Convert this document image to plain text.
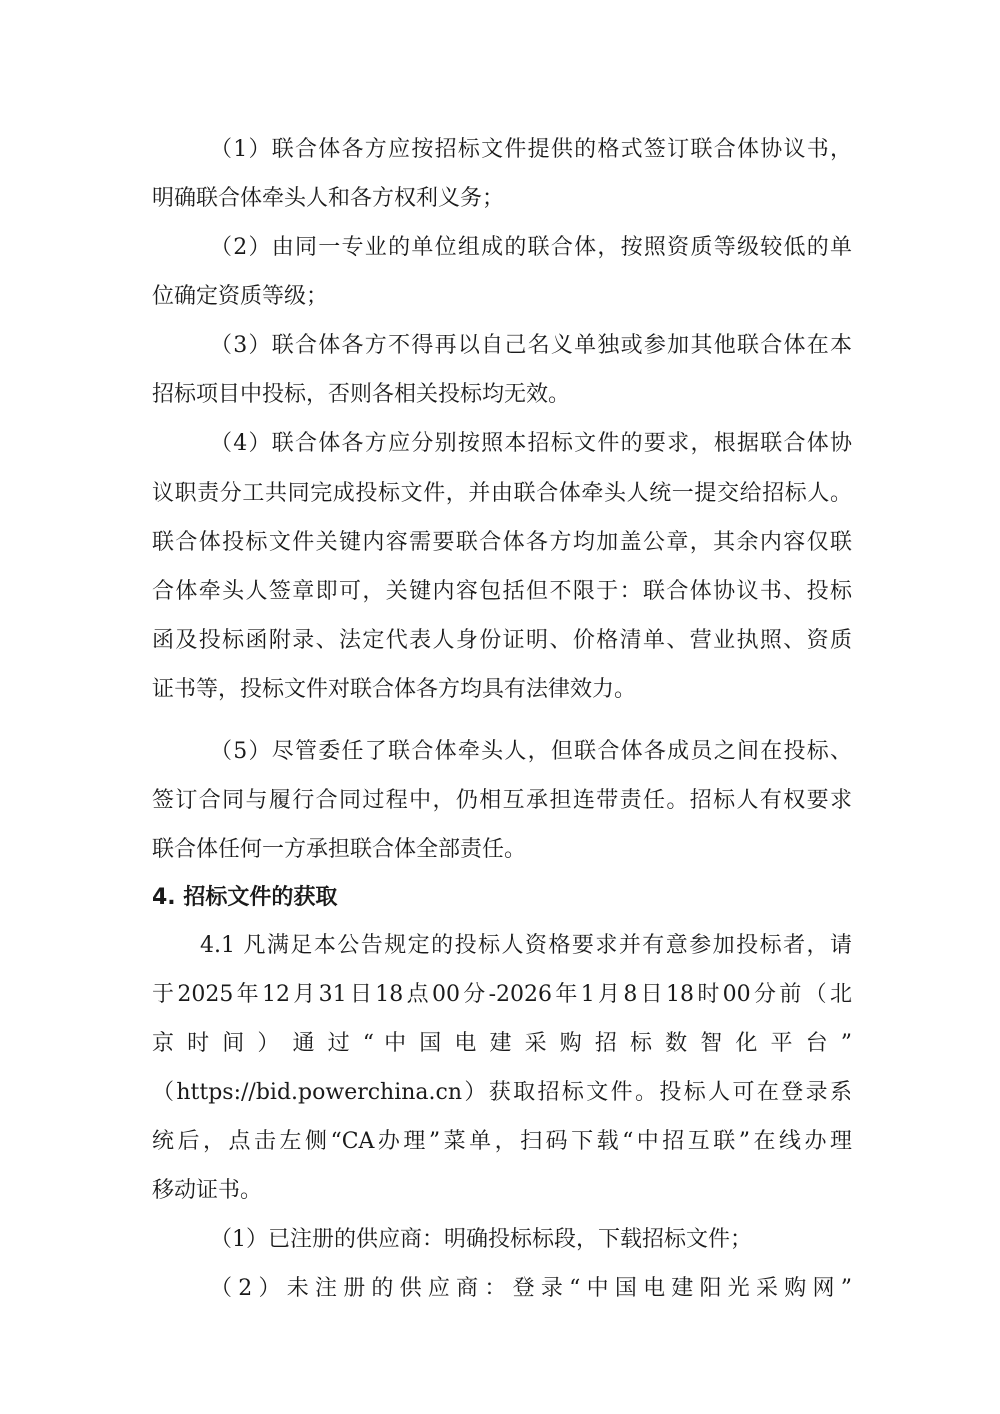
（1）联合体各方应按招标文件提供的格式签订联合体协议书，
明确联合体牵头人和各方权利义务；
（2）由同一专业的单位组成的联合体，按照资质等级较低的单
位确定资质等级；
（3）联合体各方不得再以自己名义单独或参加其他联合体在本
招标项目中投标，否则各相关投标均无效。
（4）联合体各方应分别按照本招标文件的要求，根据联合体协
议职责分工共同完成投标文件，并由联合体牵头人统一提交给招标人。
联合体投标文件关键内容需要联合体各方均加盖公章，其余内容仅联
合体牵头人签章即可，关键内容包括但不限于：联合体协议书、投标
函及投标函附录、法定代表人身份证明、价格清单、营业执照、资质
证书等，投标文件对联合体各方均具有法律效力。
（5）尽管委任了联合体牵头人，但联合体各成员之间在投标、
签订合同与履行合同过程中，仍相互承担连带责任。招标人有权要求
联合体任何一方承担联合体全部责任。
4. 招标文件的获取
4.1 凡满足本公告规定的投标人资格要求并有意参加投标者，请
于2025年12月31日18点00分-2026年1月8日18时00分前（北
京 时 间 ） 通 过 “ 中 国 电 建 采 购 招 标 数 智 化 平 台 ”
（https://bid.powerchina.cn）获取招标文件。投标人可在登录系
统后，点击左侧“CA办理”菜单，扫码下载“中招互联”在线办理
移动证书。
（1）已注册的供应商：明确投标标段，下载招标文件；
（2）未注册的供应商：登录“中国电建阳光采购网”
